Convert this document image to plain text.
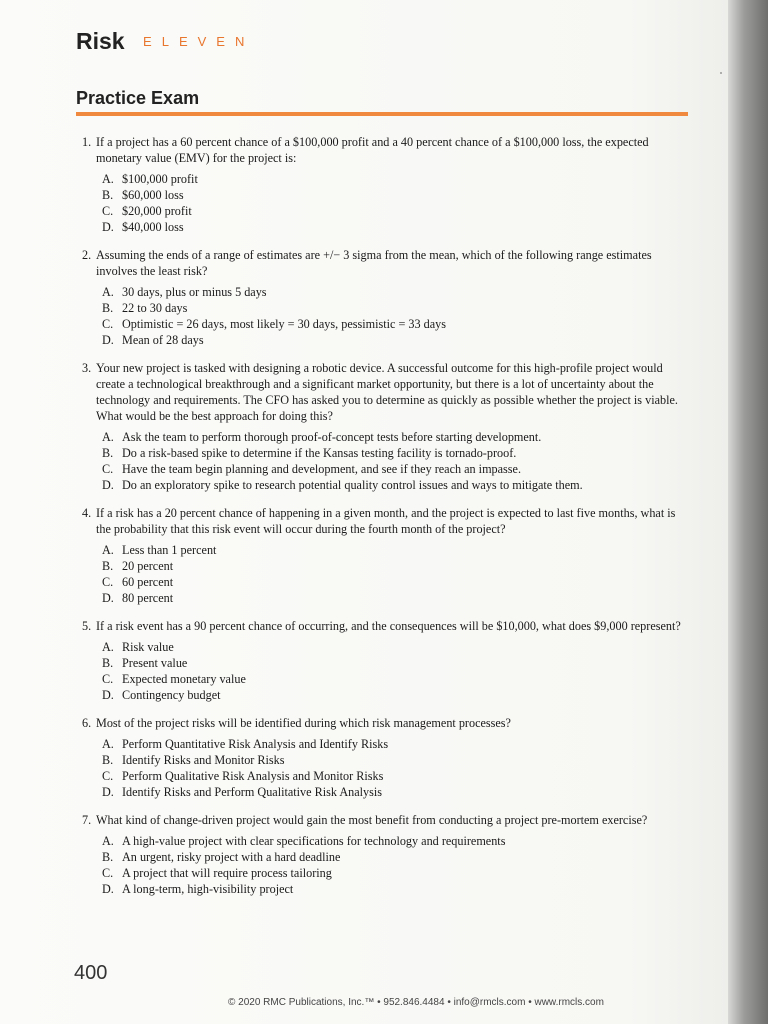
Risk ELEVEN
Practice Exam
1. If a project has a 60 percent chance of a $100,000 profit and a 40 percent chance of a $100,000 loss, the expected monetary value (EMV) for the project is:
A. $100,000 profit
B. $60,000 loss
C. $20,000 profit
D. $40,000 loss
2. Assuming the ends of a range of estimates are +/− 3 sigma from the mean, which of the following range estimates involves the least risk?
A. 30 days, plus or minus 5 days
B. 22 to 30 days
C. Optimistic = 26 days, most likely = 30 days, pessimistic = 33 days
D. Mean of 28 days
3. Your new project is tasked with designing a robotic device. A successful outcome for this high-profile project would create a technological breakthrough and a significant market opportunity, but there is a lot of uncertainty about the technology and requirements. The CFO has asked you to determine as quickly as possible whether the project is viable. What would be the best approach for doing this?
A. Ask the team to perform thorough proof-of-concept tests before starting development.
B. Do a risk-based spike to determine if the Kansas testing facility is tornado-proof.
C. Have the team begin planning and development, and see if they reach an impasse.
D. Do an exploratory spike to research potential quality control issues and ways to mitigate them.
4. If a risk has a 20 percent chance of happening in a given month, and the project is expected to last five months, what is the probability that this risk event will occur during the fourth month of the project?
A. Less than 1 percent
B. 20 percent
C. 60 percent
D. 80 percent
5. If a risk event has a 90 percent chance of occurring, and the consequences will be $10,000, what does $9,000 represent?
A. Risk value
B. Present value
C. Expected monetary value
D. Contingency budget
6. Most of the project risks will be identified during which risk management processes?
A. Perform Quantitative Risk Analysis and Identify Risks
B. Identify Risks and Monitor Risks
C. Perform Qualitative Risk Analysis and Monitor Risks
D. Identify Risks and Perform Qualitative Risk Analysis
7. What kind of change-driven project would gain the most benefit from conducting a project pre-mortem exercise?
A. A high-value project with clear specifications for technology and requirements
B. An urgent, risky project with a hard deadline
C. A project that will require process tailoring
D. A long-term, high-visibility project
400
© 2020 RMC Publications, Inc.™ • 952.846.4484 • info@rmcls.com • www.rmcls.com
